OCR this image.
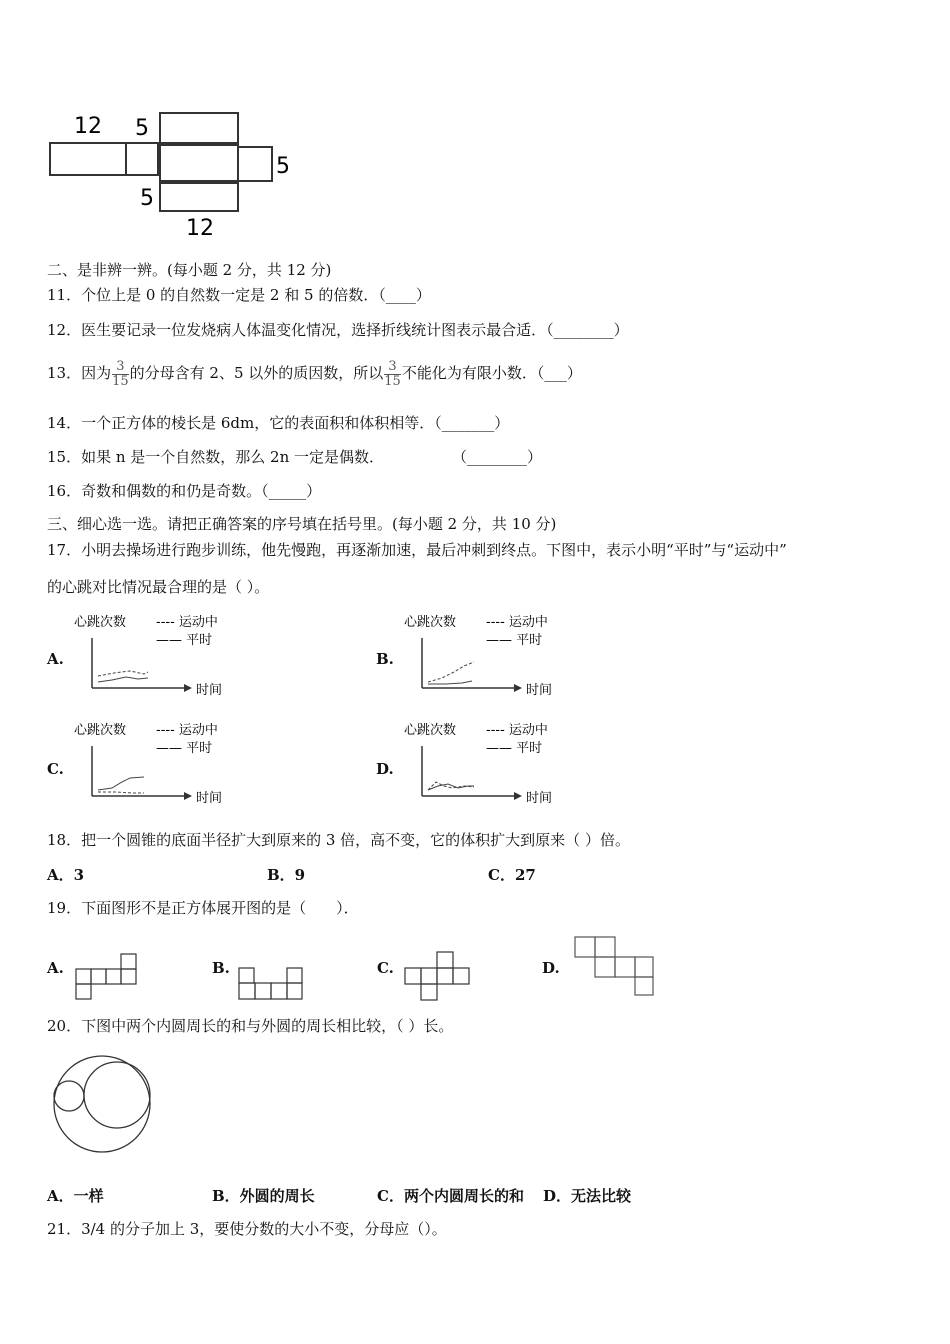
12 5
5
5
12
二、是非辨一辨。(每小题 2 分，共 12 分)
11．个位上是 0 的自然数一定是 2 和 5 的倍数．（____）
12．医生要记录一位发烧病人体温变化情况，选择折线统计图表示最合适．（________）
13．因为 $\frac{3}{15}$ 的分母含有 2、5 以外的质因数，所以 $\frac{3}{15}$ 不能化为有限小数．（___）
14．一个正方体的棱长是 6dm，它的表面积和体积相等．（_______）
15．如果 n 是一个自然数，那么 2n 一定是偶数．	（________）
16．奇数和偶数的和仍是奇数。（_____）
三、细心选一选。请把正确答案的序号填在括号里。(每小题 2 分，共 10 分)
17．小明去操场进行跑步训练，他先慢跑，再逐渐加速，最后冲刺到终点。下图中，表示小明“平时”与“运动中”
的心跳对比情况最合理的是（ ）。
A.	B.
C.	D.
心跳次数 ---- 运动中
—— 平时
时间
心跳次数 ---- 运动中
—— 平时
时间
心跳次数 ---- 运动中
—— 平时
时间
心跳次数 ---- 运动中
—— 平时
时间
18．把一个圆锥的底面半径扩大到原来的 3 倍，高不变，它的体积扩大到原来（ ）倍。
A．3	B．9	C．27
19．下面图形不是正方体展开图的是（　　）．
A.	B.	C.	D.
20．下图中两个内圆周长的和与外圆的周长相比较，（ ）长。
A．一样	B．外圆的周长	C．两个内圆周长的和 D．无法比较
21．3/4 的分子加上 3，要使分数的大小不变，分母应（）。
